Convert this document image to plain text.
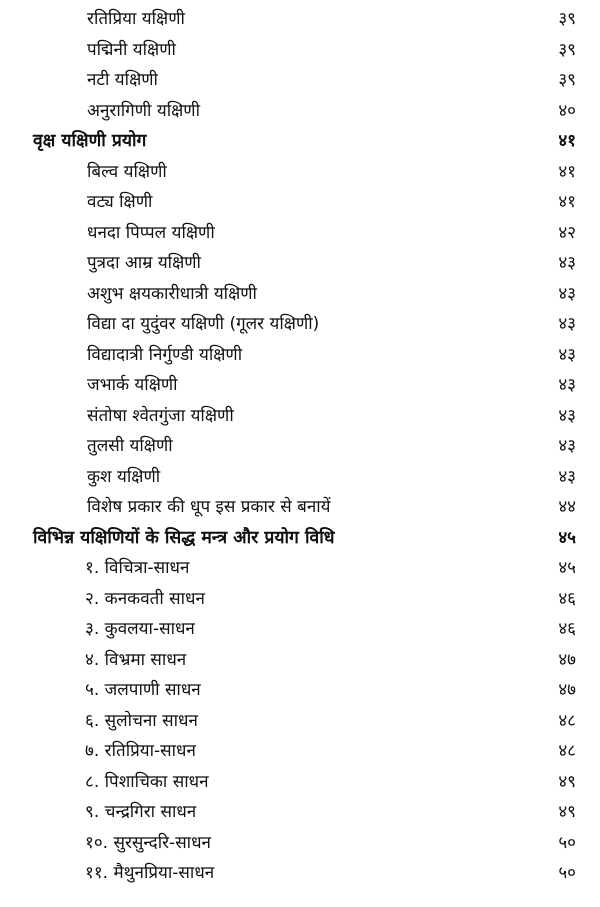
रतिप्रिया यक्षिणी	३९
पद्मिनी यक्षिणी	३९
नटी यक्षिणी	३९
अनुरागिणी यक्षिणी	४०
वृक्ष यक्षिणी प्रयोग	४१
बिल्व यक्षिणी	४१
वट्य क्षिणी	४१
धनदा पिप्पल यक्षिणी	४२
पुत्रदा आम्र यक्षिणी	४३
अशुभ क्षयकारीधात्री यक्षिणी	४३
विद्या दा युदुंवर यक्षिणी (गूलर यक्षिणी)	४३
विद्यादात्री निर्गुण्डी यक्षिणी	४३
जभार्क यक्षिणी	४३
संतोषा श्वेतगुंजा यक्षिणी	४३
तुलसी यक्षिणी	४३
कुश यक्षिणी	४३
विशेष प्रकार की धूप इस प्रकार से बनायें	४४
विभिन्न यक्षिणियों के सिद्ध मन्त्र और प्रयोग विधि	४५
१. विचित्रा-साधन	४५
२. कनकवती साधन	४६
३. कुवलया-साधन	४६
४. विभ्रमा साधन	४७
५. जलपाणी साधन	४७
६. सुलोचना साधन	४८
७. रतिप्रिया-साधन	४८
८. पिशाचिका साधन	४९
९. चन्द्रगिरा साधन	४९
१०. सुरसुन्दरि-साधन	५०
११. मैथुनप्रिया-साधन	५०
